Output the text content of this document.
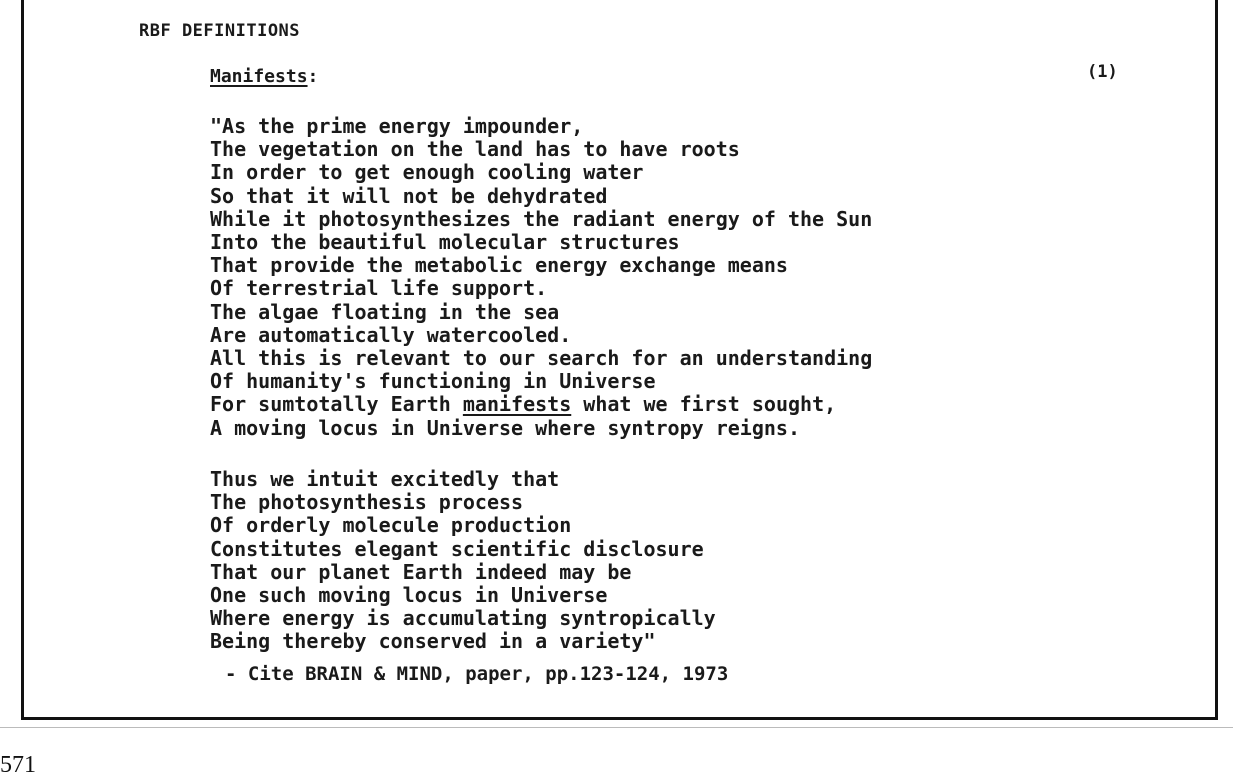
RBF DEFINITIONS
Manifests:	(1)
"As the prime energy impounder,
The vegetation on the land has to have roots
In order to get enough cooling water
So that it will not be dehydrated
While it photosynthesizes the radiant energy of the Sun
Into the beautiful molecular structures
That provide the metabolic energy exchange means
Of terrestrial life support.
The algae floating in the sea
Are automatically watercooled.
All this is relevant to our search for an understanding
Of humanity's functioning in Universe
For sumtotally Earth manifests what we first sought,
A moving locus in Universe where syntropy reigns.
Thus we intuit excitedly that
The photosynthesis process
Of orderly molecule production
Constitutes elegant scientific disclosure
That our planet Earth indeed may be
One such moving locus in Universe
Where energy is accumulating syntropically
Being thereby conserved in a variety"
- Cite BRAIN & MIND, paper, pp.123-124, 1973
571
